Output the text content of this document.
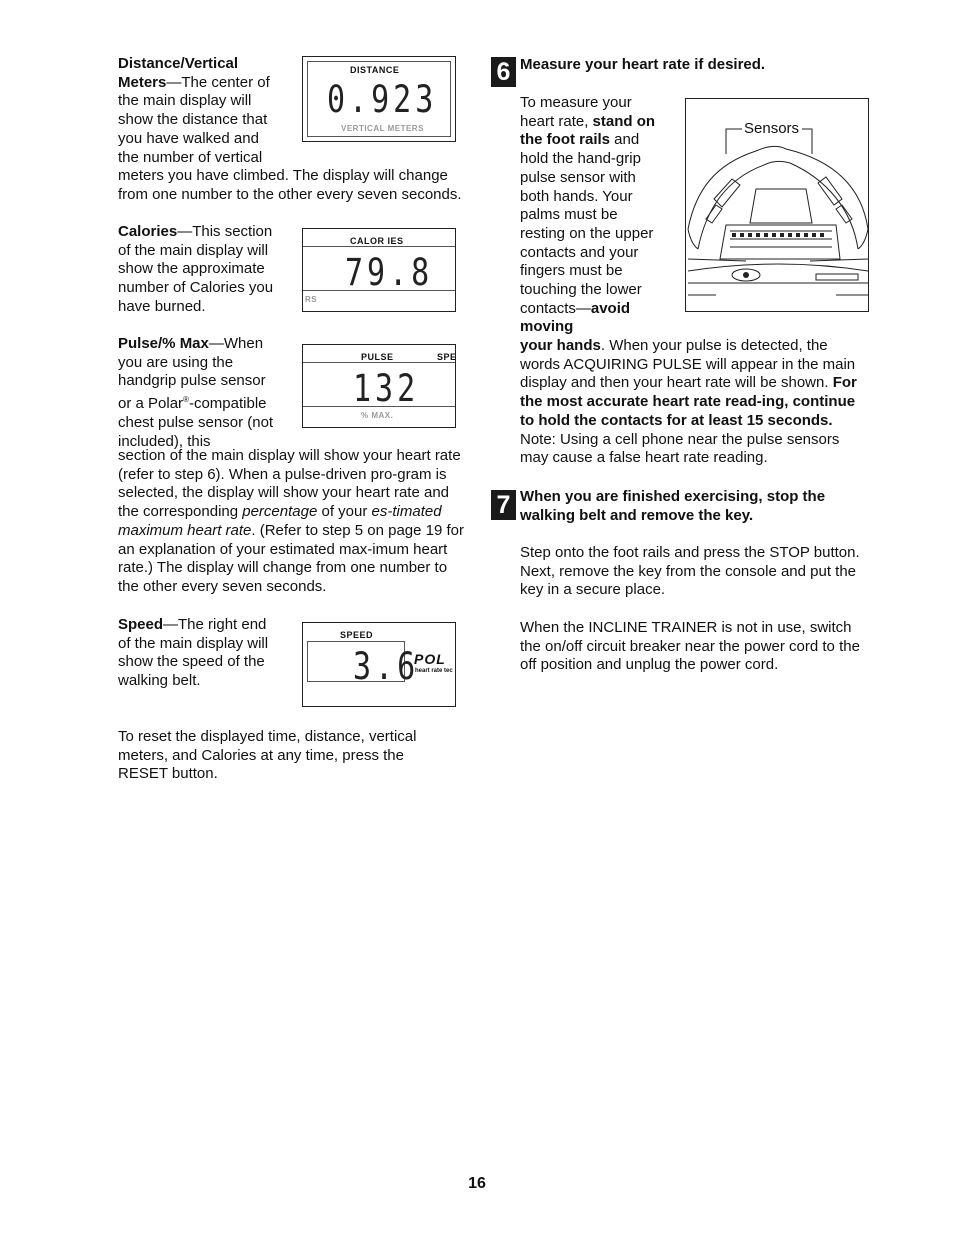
Distance/Vertical Meters—The center of the main display will show the distance that you have walked and the number of vertical

meters you have climbed. The display will change from one number to the other every seven seconds.

Calories—This section of the main display will show the approximate number of Calories you have burned.

Pulse/% Max—When you are using the handgrip pulse sensor or a Polar®-compatible chest pulse sensor (not included), this

section of the main display will show your heart rate (refer to step 6). When a pulse-driven pro-gram is selected, the display will show your heart rate and the corresponding percentage of your es-timated maximum heart rate. (Refer to step 5 on page 19 for an explanation of your estimated max-imum heart rate.) The display will change from one number to the other every seven seconds.

Speed—The right end of the main display will show the speed of the walking belt.

To reset the displayed time, distance, vertical meters, and Calories at any time, press the RESET button.

DISTANCE
0.923
VERTICAL METERS
CALOR IES
79.8
RS
PULSE	SPE
132
% MAX.
SPEED
3.6
POL
heart rate tec
6 Measure your heart rate if desired.

To measure your heart rate, stand on the foot rails and hold the hand-grip pulse sensor with both hands. Your palms must be resting on the upper contacts and your fingers must be touching the lower contacts—avoid moving

your hands. When your pulse is detected, the words ACQUIRING PULSE will appear in the main display and then your heart rate will be shown. For the most accurate heart rate read-ing, continue to hold the contacts for at least 15 seconds. Note: Using a cell phone near the pulse sensors may cause a false heart rate reading.

Sensors
7 When you are finished exercising, stop the walking belt and remove the key.

Step onto the foot rails and press the STOP button. Next, remove the key from the console and put the key in a secure place.

When the INCLINE TRAINER is not in use, switch the on/off circuit breaker near the power cord to the off position and unplug the power cord.

16
